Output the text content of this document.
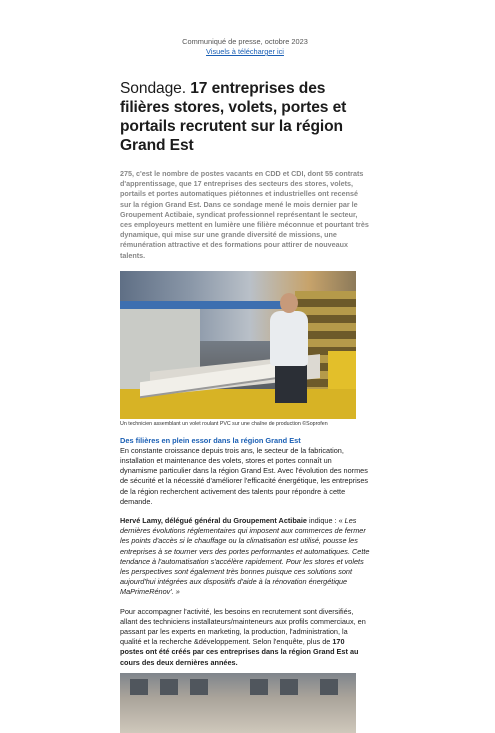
Communiqué de presse, octobre 2023
Visuels à télécharger ici
Sondage. 17 entreprises des filières stores, volets, portes et portails recrutent sur la région Grand Est
275, c'est le nombre de postes vacants en CDD et CDI, dont 55 contrats d'apprentissage, que 17 entreprises des secteurs des stores, volets, portails et portes automatiques piétonnes et industrielles ont recensé sur la région Grand Est. Dans ce sondage mené le mois dernier par le Groupement Actibaie, syndicat professionnel représentant le secteur, ces employeurs mettent en lumière une filière méconnue et pourtant très dynamique, qui mise sur une grande diversité de missions, une rémunération attractive et des formations pour attirer de nouveaux talents.
Un technicien assemblant un volet roulant PVC sur une chaîne de production ©Soprofen
Des filières en plein essor dans la région Grand Est

En constante croissance depuis trois ans, le secteur de la fabrication, installation et maintenance des volets, stores et portes connaît un dynamisme particulier dans la région Grand Est. Avec l'évolution des normes de sécurité et la nécessité d'améliorer l'efficacité énergétique, les entreprises de la région recherchent activement des talents pour répondre à cette demande.

Hervé Lamy, délégué général du Groupement Actibaie indique : « Les dernières évolutions réglementaires qui imposent aux commerces de fermer les points d'accès si le chauffage ou la climatisation est utilisé, pousse les entreprises à se tourner vers des portes performantes et automatiques. Cette tendance à l'automatisation s'accélère rapidement. Pour les stores et volets les perspectives sont également très bonnes puisque ces solutions sont aujourd'hui intégrées aux dispositifs d'aide à la rénovation énergétique MaPrimeRénov'. »

Pour accompagner l'activité, les besoins en recrutement sont diversifiés, allant des techniciens installateurs/mainteneurs aux profils commerciaux, en passant par les experts en marketing, la production, l'administration, la qualité et la recherche &développement. Selon l'enquête, plus de 170 postes ont été créés par ces entreprises dans la région Grand Est au cours des deux dernières années.
